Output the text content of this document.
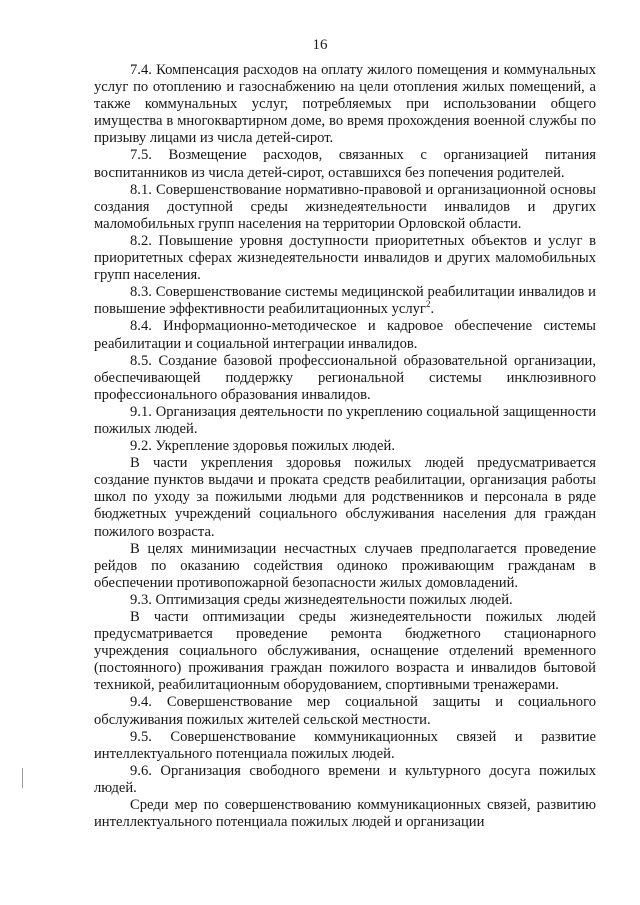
16

7.4. Компенсация расходов на оплату жилого помещения и коммунальных услуг по отоплению и газоснабжению на цели отопления жилых помещений, а также коммунальных услуг, потребляемых при использовании общего имущества в многоквартирном доме, во время прохождения военной службы по призыву лицами из числа детей-сирот.

7.5. Возмещение расходов, связанных с организацией питания воспитанников из числа детей-сирот, оставшихся без попечения родителей.

8.1. Совершенствование нормативно-правовой и организационной основы создания доступной среды жизнедеятельности инвалидов и других маломобильных групп населения на территории Орловской области.

8.2. Повышение уровня доступности приоритетных объектов и услуг в приоритетных сферах жизнедеятельности инвалидов и других маломобильных групп населения.

8.3. Совершенствование системы медицинской реабилитации инвалидов и повышение эффективности реабилитационных услуг$^2$.

8.4. Информационно-методическое и кадровое обеспечение системы реабилитации и социальной интеграции инвалидов.

8.5. Создание базовой профессиональной образовательной организации, обеспечивающей поддержку региональной системы инклюзивного профессионального образования инвалидов.

9.1. Организация деятельности по укреплению социальной защищенности пожилых людей.

9.2. Укрепление здоровья пожилых людей.

В части укрепления здоровья пожилых людей предусматривается создание пунктов выдачи и проката средств реабилитации, организация работы школ по уходу за пожилыми людьми для родственников и персонала в ряде бюджетных учреждений социального обслуживания населения для граждан пожилого возраста.

В целях минимизации несчастных случаев предполагается проведение рейдов по оказанию содействия одиноко проживающим гражданам в обеспечении противопожарной безопасности жилых домовладений.

9.3. Оптимизация среды жизнедеятельности пожилых людей.

В части оптимизации среды жизнедеятельности пожилых людей предусматривается проведение ремонта бюджетного стационарного учреждения социального обслуживания, оснащение отделений временного (постоянного) проживания граждан пожилого возраста и инвалидов бытовой техникой, реабилитационным оборудованием, спортивными тренажерами.

9.4. Совершенствование мер социальной защиты и социального обслуживания пожилых жителей сельской местности.

9.5. Совершенствование коммуникационных связей и развитие интеллектуального потенциала пожилых людей.

9.6. Организация свободного времени и культурного досуга пожилых людей.

Среди мер по совершенствованию коммуникационных связей, развитию интеллектуального потенциала пожилых людей и организации
